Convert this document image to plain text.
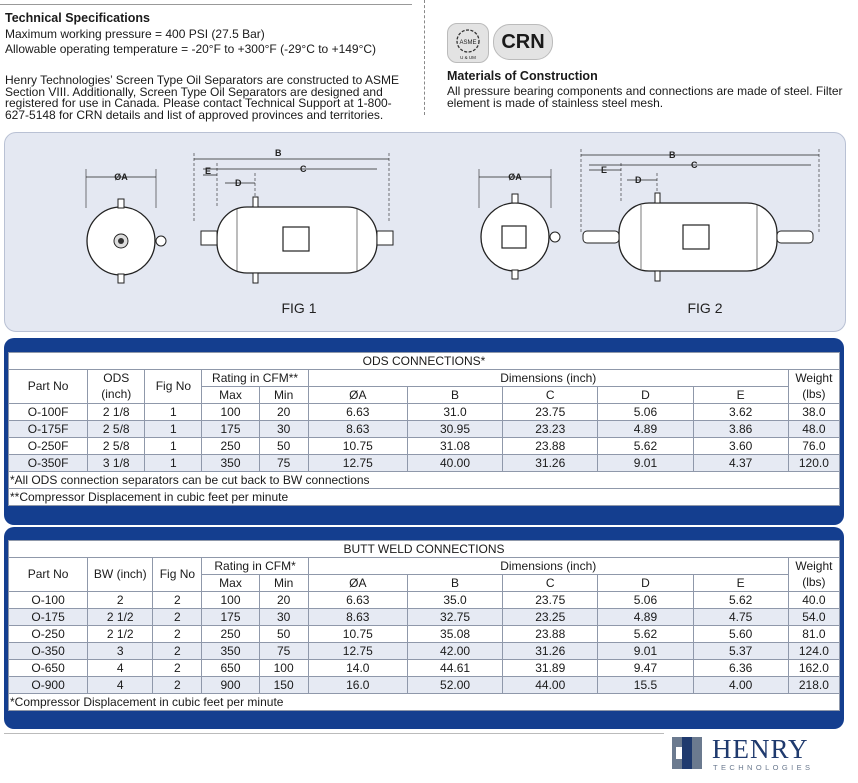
Technical Specifications
Maximum working pressure = 400 PSI (27.5 Bar)
Allowable operating temperature = -20°F to +300°F (-29°C to +149°C)
Henry Technologies’ Screen Type Oil Separators are constructed to ASME
Section VIII. Additionally, Screen Type Oil Separators are designed and
registered for use in Canada. Please contact Technical Support at 1-800-
627-5148 for CRN details and list of approved provinces and territories.
ASME
U & UM
CRN
Materials of Construction
All pressure bearing components and connections are made of steel. Filter
element is made of stainless steel mesh.
ØA
B
C
D
E
FIG 1
ØA
B
C
D
E
FIG 2
ODS CONNECTIONS*										
Part No	ODS	Fig No	Rating in CFM**		Dimensions (inch)					Weight
	(inch)		Max	Min	ØA	B	C	D	E	(lbs)
O-100F	2 1/8	1	100	20	6.63	31.0	23.75	5.06	3.62	38.0
O-175F	2 5/8	1	175	30	8.63	30.95	23.23	4.89	3.86	48.0
O-250F	2 5/8	1	250	50	10.75	31.08	23.88	5.62	3.60	76.0
O-350F	3 1/8	1	350	75	12.75	40.00	31.26	9.01	4.37	120.0
*All ODS connection separators can be cut back to BW connections										
**Compressor Displacement in cubic feet per minute										
BUTT WELD CONNECTIONS										
Part No	BW (inch)	Fig No	Rating in CFM*		Dimensions (inch)					Weight
			Max	Min	ØA	B	C	D	E	(lbs)
O-100	2	2	100	20	6.63	35.0	23.75	5.06	5.62	40.0
O-175	2 1/2	2	175	30	8.63	32.75	23.25	4.89	4.75	54.0
O-250	2 1/2	2	250	50	10.75	35.08	23.88	5.62	5.60	81.0
O-350	3	2	350	75	12.75	42.00	31.26	9.01	5.37	124.0
O-650	4	2	650	100	14.0	44.61	31.89	9.47	6.36	162.0
O-900	4	2	900	150	16.0	52.00	44.00	15.5	4.00	218.0
*Compressor Displacement in cubic feet per minute										
HENRY
TECHNOLOGIES
